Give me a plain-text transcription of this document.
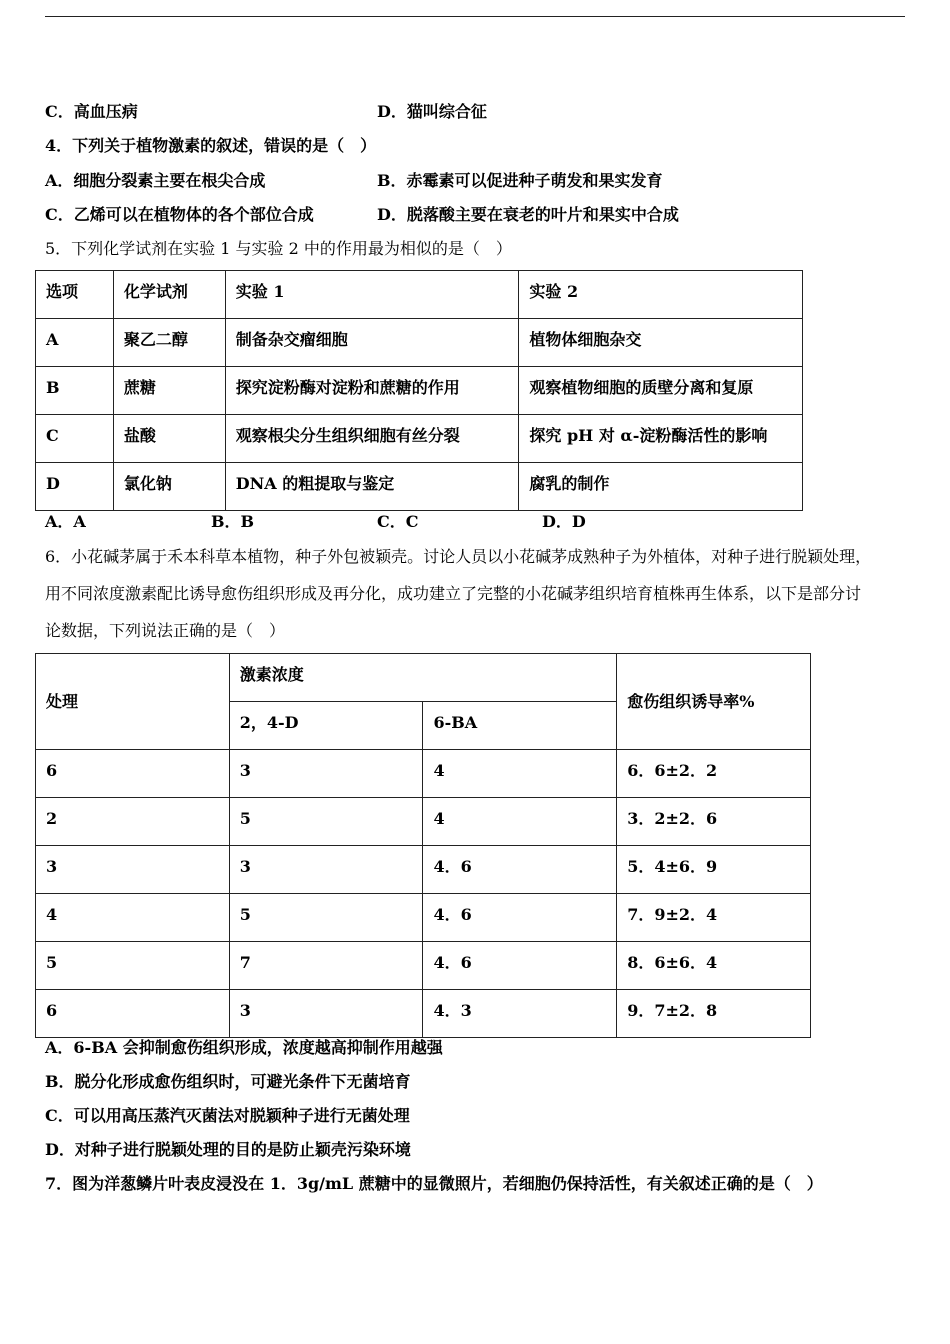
C．高血压病	D．猫叫综合征
4．下列关于植物激素的叙述，错误的是（　）
A．细胞分裂素主要在根尖合成	B．赤霉素可以促进种子萌发和果实发育
C．乙烯可以在植物体的各个部位合成	D．脱落酸主要在衰老的叶片和果实中合成
5．下列化学试剂在实验 1 与实验 2 中的作用最为相似的是（　）
选项	化学试剂	实验 1	实验 2
A	聚乙二醇	制备杂交瘤细胞	植物体细胞杂交
B	蔗糖	探究淀粉酶对淀粉和蔗糖的作用	观察植物细胞的质壁分离和复原
C	盐酸	观察根尖分生组织细胞有丝分裂	探究 pH 对 α-淀粉酶活性的影响
D	氯化钠	DNA 的粗提取与鉴定	腐乳的制作
A．A	B．B	C．C	D．D
6．小花碱茅属于禾本科草本植物，种子外包被颖壳。讨论人员以小花碱茅成熟种子为外植体，对种子进行脱颖处理，
用不同浓度激素配比诱导愈伤组织形成及再分化，成功建立了完整的小花碱茅组织培育植株再生体系，以下是部分讨
论数据，下列说法正确的是（　）
处理	激素浓度		愈伤组织诱导率%
	2，4-D	6-BA	
6	3	4	6．6±2．2
2	5	4	3．2±2．6
3	3	4．6	5．4±6．9
4	5	4．6	7．9±2．4
5	7	4．6	8．6±6．4
6	3	4．3	9．7±2．8
A．6-BA 会抑制愈伤组织形成，浓度越高抑制作用越强
B．脱分化形成愈伤组织时，可避光条件下无菌培育
C．可以用高压蒸汽灭菌法对脱颖种子进行无菌处理
D．对种子进行脱颖处理的目的是防止颖壳污染环境
7．图为洋葱鳞片叶表皮浸没在 1．3g/mL 蔗糖中的显微照片，若细胞仍保持活性，有关叙述正确的是（　）
